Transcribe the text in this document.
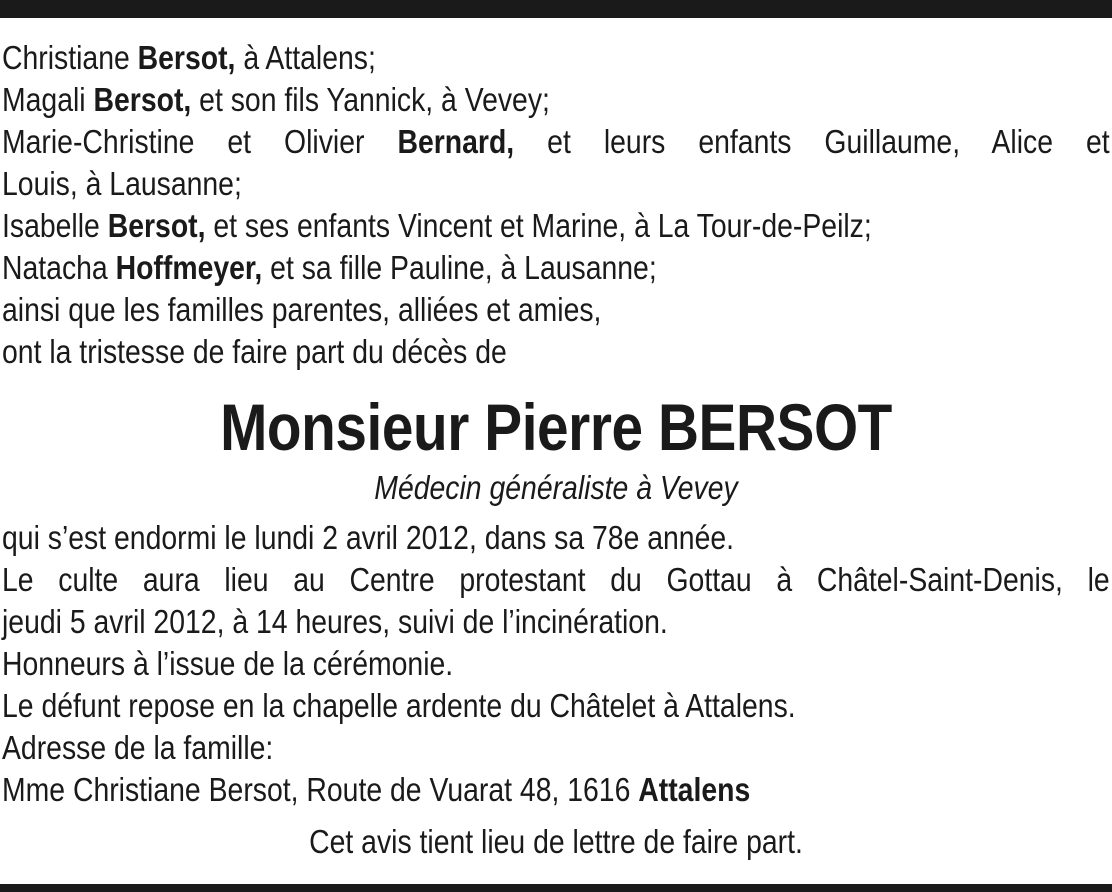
Christiane Bersot, à Attalens;
Magali Bersot, et son fils Yannick, à Vevey;
Marie-Christine et Olivier Bernard, et leurs enfants Guillaume, Alice et
Louis, à Lausanne;
Isabelle Bersot, et ses enfants Vincent et Marine, à La Tour-de-Peilz;
Natacha Hoffmeyer, et sa fille Pauline, à Lausanne;
ainsi que les familles parentes, alliées et amies,
ont la tristesse de faire part du décès de
Monsieur Pierre BERSOT
Médecin généraliste à Vevey
qui s’est endormi le lundi 2 avril 2012, dans sa 78e année.
Le culte aura lieu au Centre protestant du Gottau à Châtel-Saint-Denis, le
jeudi 5 avril 2012, à 14 heures, suivi de l’incinération.
Honneurs à l’issue de la cérémonie.
Le défunt repose en la chapelle ardente du Châtelet à Attalens.
Adresse de la famille:
Mme Christiane Bersot, Route de Vuarat 48, 1616 Attalens
Cet avis tient lieu de lettre de faire part.
